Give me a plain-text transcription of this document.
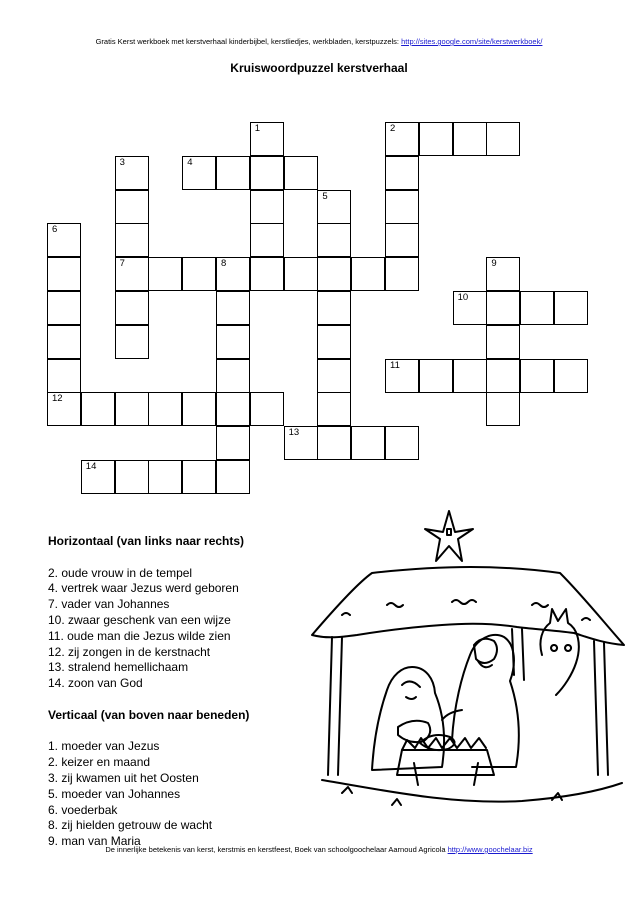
Gratis Kerst werkboek met kerstverhaal kinderbijbel, kerstliedjes, werkbladen, kerstpuzzels: http://sites.google.com/site/kerstwerkboek/
Kruiswoordpuzzel kerstverhaal
1	2
3	4
5
6
7	8	9
10
11
12
13
14
Horizontaal (van links naar rechts)
2. oude vrouw in de tempel
4. vertrek waar Jezus werd geboren
7. vader van Johannes
10. zwaar geschenk van een wijze
11. oude man die Jezus wilde zien
12. zij zongen in de kerstnacht
13. stralend hemellichaam
14. zoon van God
Verticaal (van boven naar beneden)
1. moeder van Jezus
2. keizer en maand
3. zij kwamen uit het Oosten
5. moeder van Johannes
6. voederbak
8. zij hielden getrouw de wacht
9. man van Maria
De innerlijke betekenis van kerst, kerstmis en kerstfeest, Boek van schoolgoochelaar Aarnoud Agricola http://www.goochelaar.biz
